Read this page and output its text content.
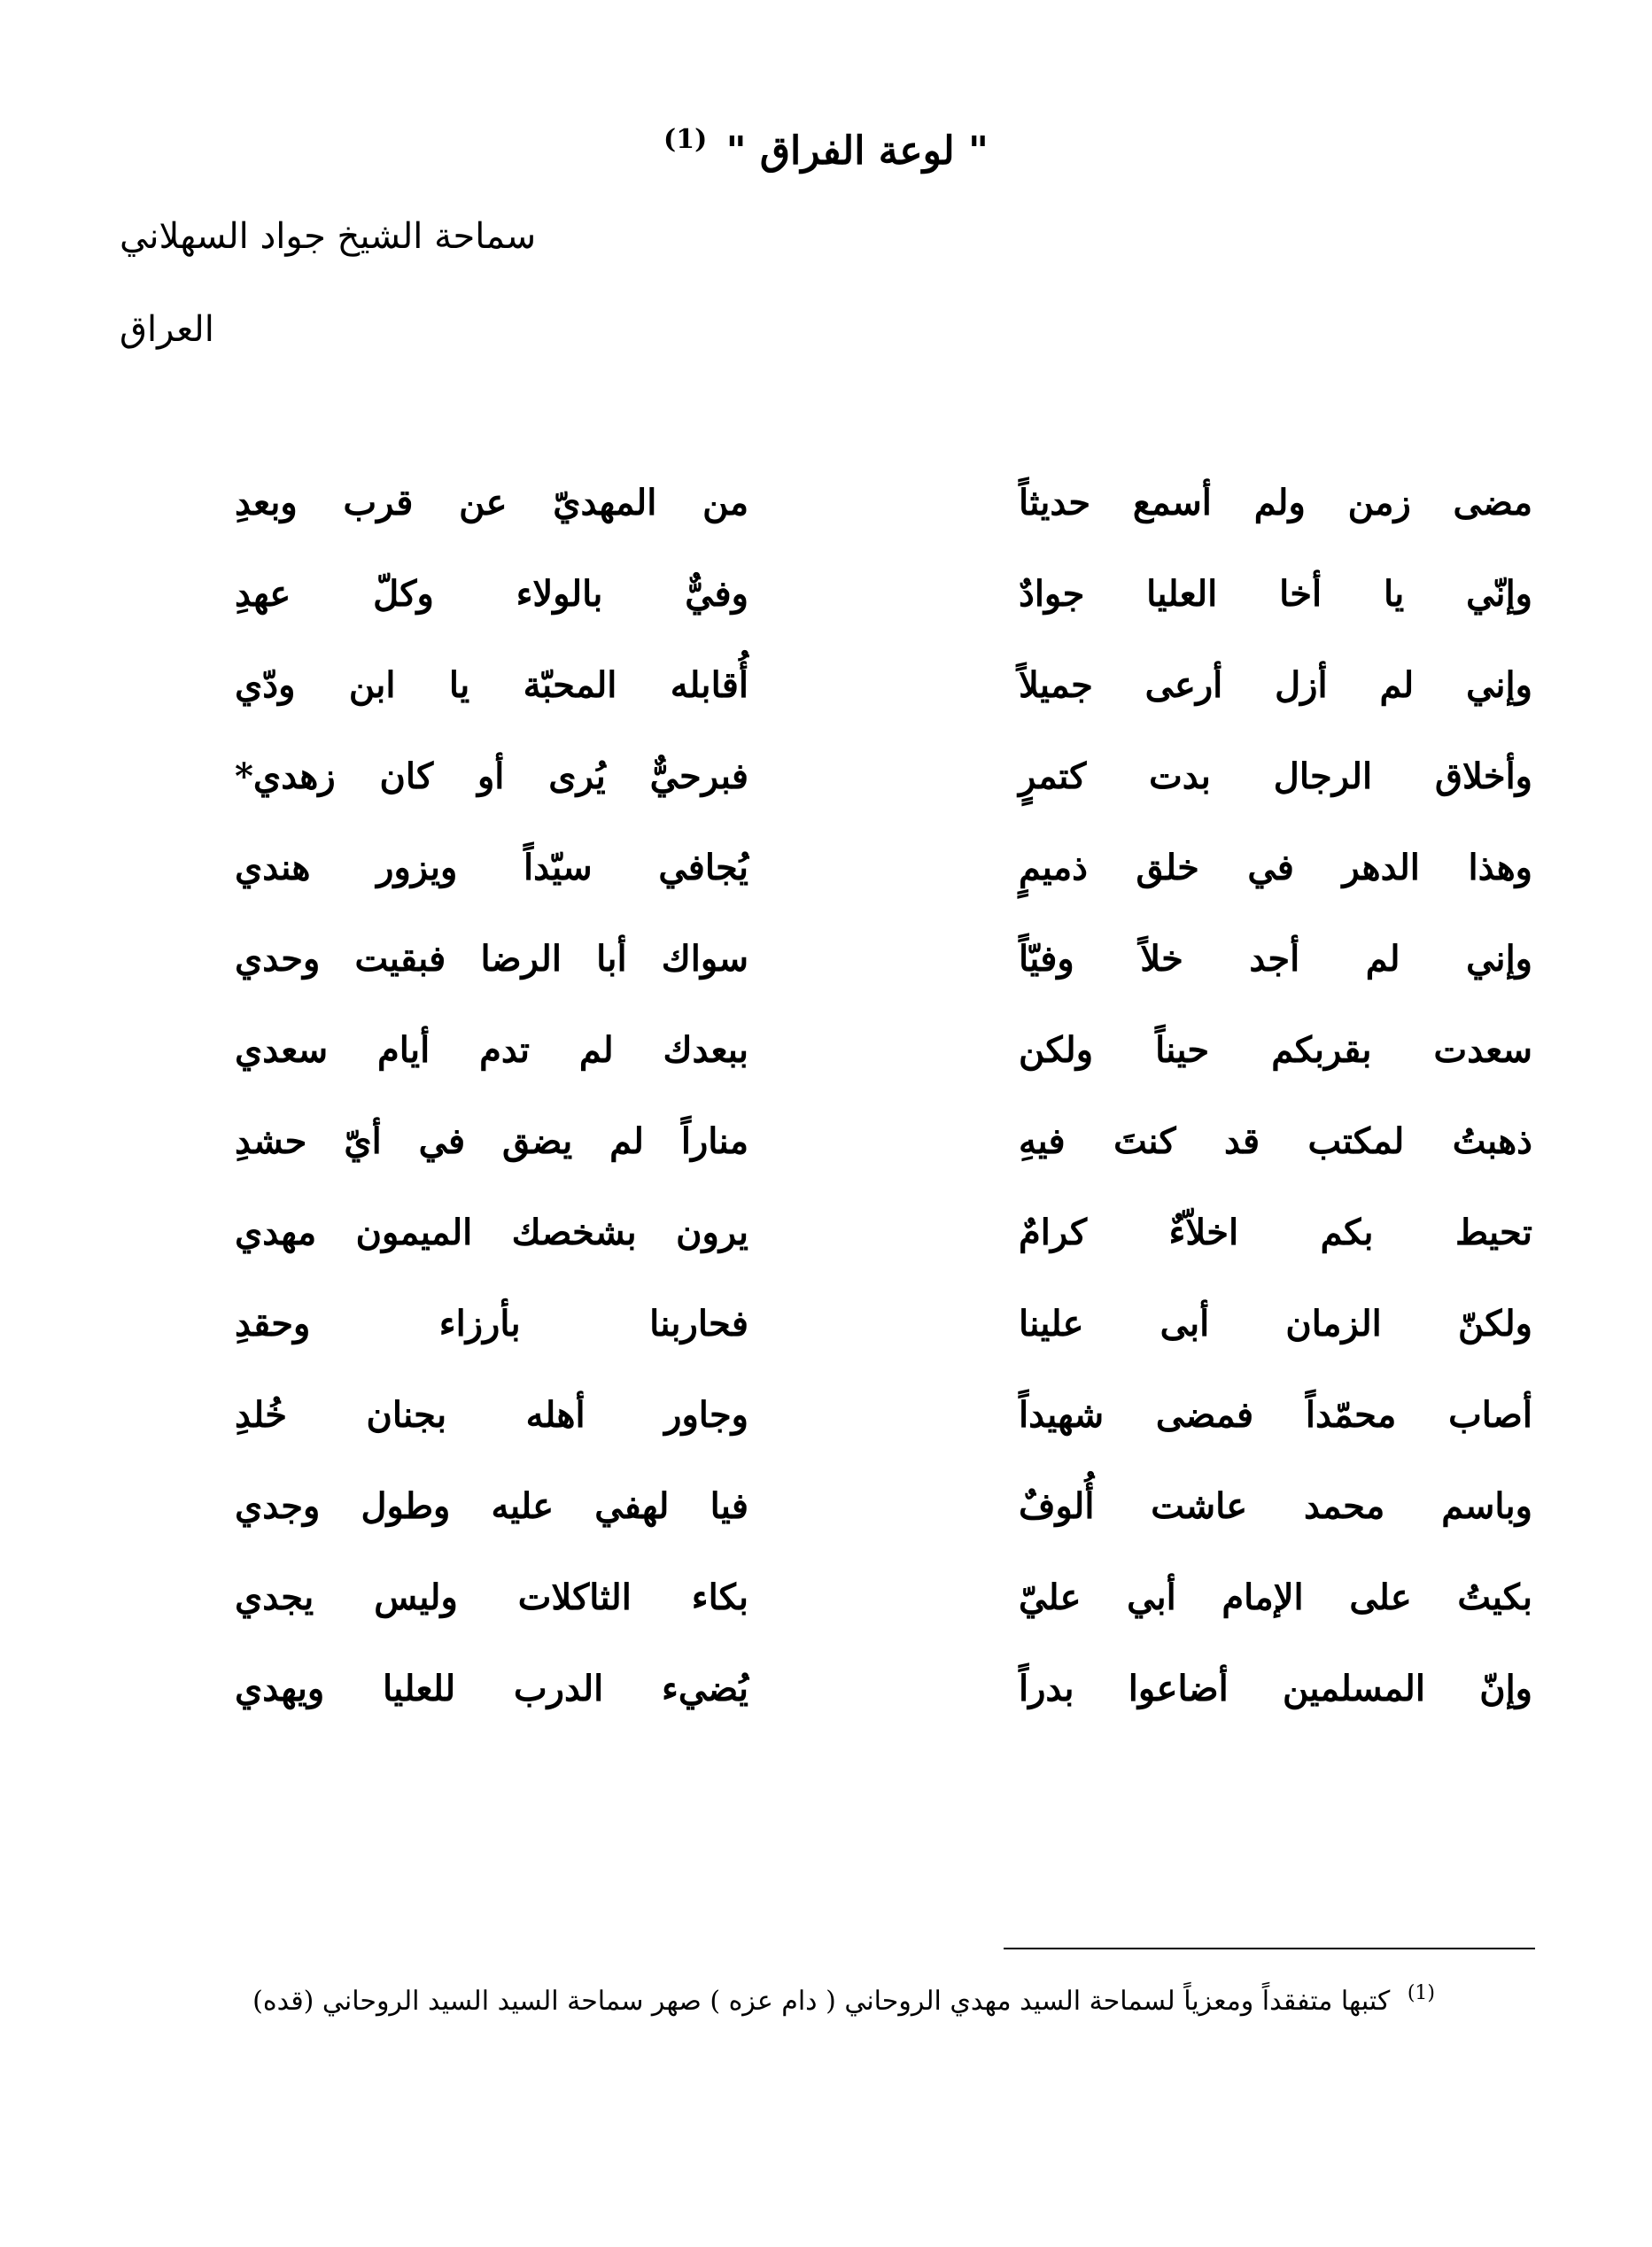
" لوعة الفراق " $^{(1)}$
سماحة الشيخ جواد السهلاني
العراق
مضى زمن ولم أسمع حديثاً
من المهديّ عن قرب وبعدِ
وإنّي يا أخا العليا جوادٌ
وفيٌّ بالولاء وكلّ عهدِ
وإني لم أزل أرعى جميلاً
أُقابله المحبّة يا ابن ودّي
وأخلاق الرجال بدت كتمرٍ
فبرحيٌّ يُرى أو كان زهدي*
وهذا الدهر في خلق ذميمٍ
يُجافي سيّداً ويزور هندي
وإني لم أجد خلاً وفيّاً
سواك أبا الرضا فبقيت وحدي
سعدت بقربكم حيناً ولكن
ببعدك لم تدم أيام سعدي
ذهبتُ لمكتب قد كنتَ فيهِ
مناراً لم يضق في أيّ حشدِ
تحيط بكم اخلاّءٌ كرامٌ
يرون بشخصك الميمون مهدي
ولكنّ الزمان أبى علينا
فحاربنا بأرزاء وحقدِ
أصاب محمّداً فمضى شهيداً
وجاور أهله بجنان خُلدِ
وباسم محمد عاشت أُلوفٌ
فيا لهفي عليه وطول وجدي
بكيتُ على الإمام أبي عليّ
بكاء الثاكلات وليس يجدي
وإنّ المسلمين أضاعوا بدراً
يُضيء الدرب للعليا ويهدي
$^{(1)}$ كتبها متفقداً ومعزياً لسماحة السيد مهدي الروحاني ( دام عزه ) صهر سماحة السيد السيد الروحاني (قده)
